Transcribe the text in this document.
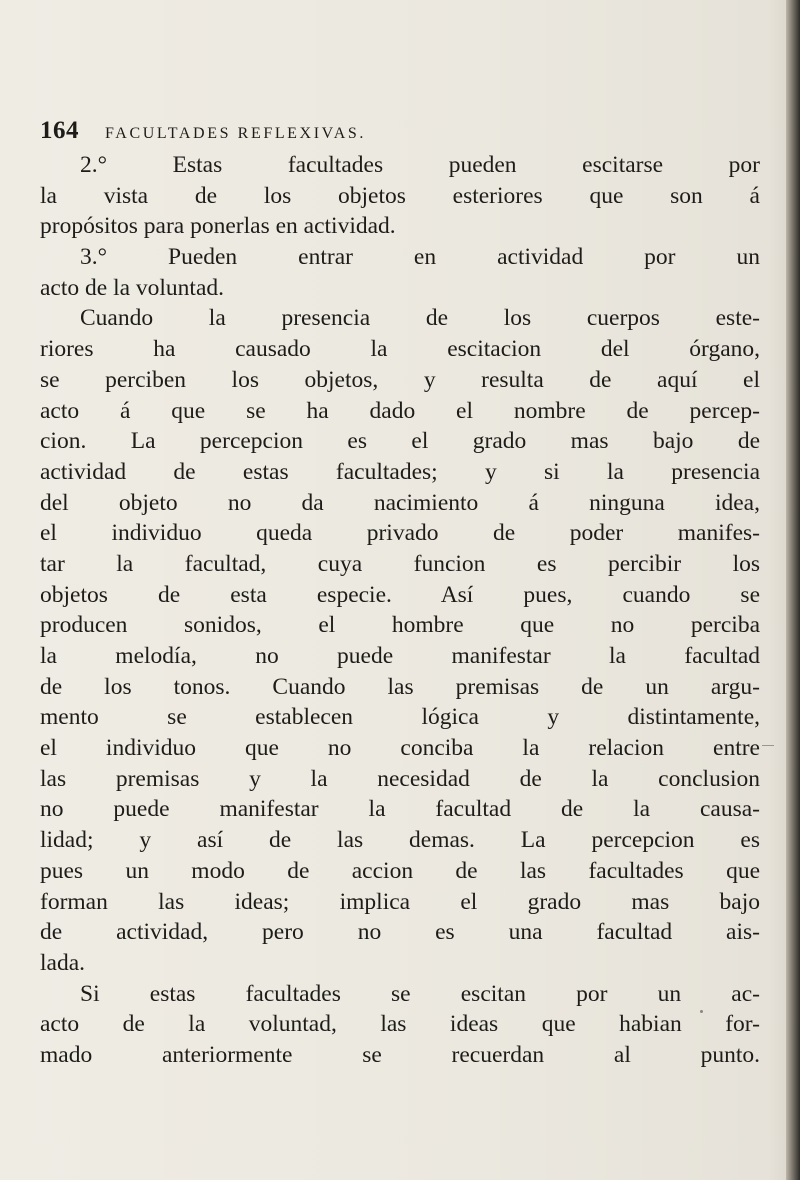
164 FACULTADES REFLEXIVAS.
2.° Estas facultades pueden escitarse por
la vista de los objetos esteriores que son á
propósitos para ponerlas en actividad.
3.° Pueden entrar en actividad por un
acto de la voluntad.
Cuando la presencia de los cuerpos este-
riores ha causado la escitacion del órgano,
se perciben los objetos, y resulta de aquí el
acto á que se ha dado el nombre de percep-
cion. La percepcion es el grado mas bajo de
actividad de estas facultades; y si la presencia
del objeto no da nacimiento á ninguna idea,
el individuo queda privado de poder manifes-
tar la facultad, cuya funcion es percibir los
objetos de esta especie. Así pues, cuando se
producen sonidos, el hombre que no perciba
la melodía, no puede manifestar la facultad
de los tonos. Cuando las premisas de un argu-
mento se establecen lógica y distintamente,
el individuo que no conciba la relacion entre
las premisas y la necesidad de la conclusion
no puede manifestar la facultad de la causa-
lidad; y así de las demas. La percepcion es
pues un modo de accion de las facultades que
forman las ideas; implica el grado mas bajo
de actividad, pero no es una facultad ais-
lada.
Si estas facultades se escitan por un ac-
acto de la voluntad, las ideas que habian for-
mado anteriormente se recuerdan al punto.
